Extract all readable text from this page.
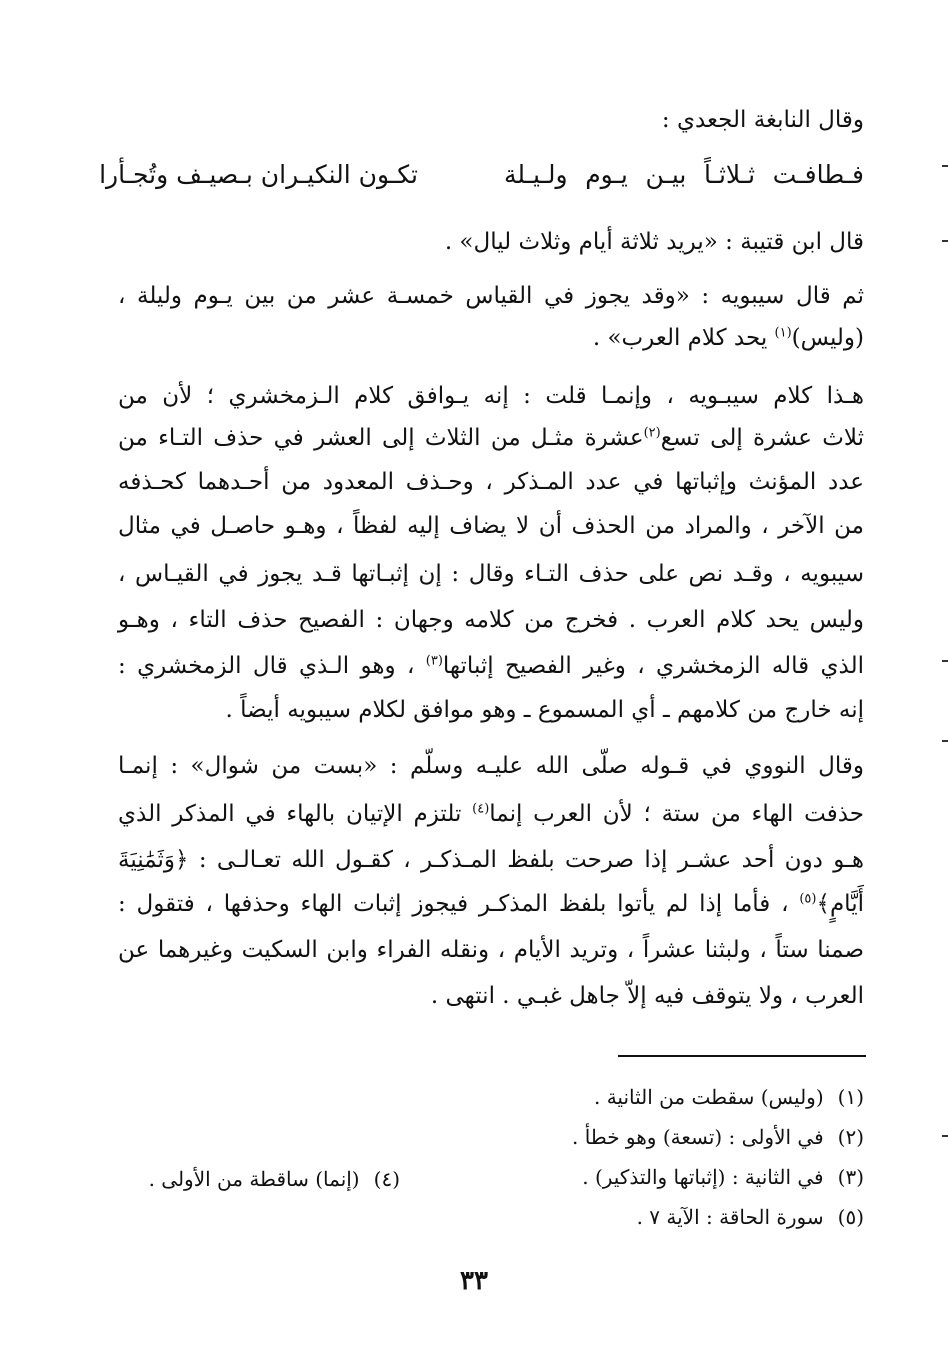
وقال النابغة الجعدي :
فـطافـت ثـلاثـاً بيـن يـوم ولـيـلة
تكـون النكيـران بـصيـف وتُجـأرا
قال ابن قتيبة : «يريد ثلاثة أيام وثلاث ليال» .
ثم قال سيبويه : «وقد يجوز في القياس خمسـة عشر من بين يـوم وليلة ،
(وليس)$^{(١)}$ يحد كلام العرب» .
هـذا كلام سيبـويه ، وإنمـا قلت : إنه يـوافق كلام الـزمخشري ؛ لأن من
ثلاث عشرة إلى تسع$^{(٢)}$عشرة مثـل من الثلاث إلى العشر في حذف التـاء من
عدد المؤنث وإثباتها في عدد المـذكر ، وحـذف المعدود من أحـدهما كحـذفه
من الآخر ، والمراد من الحذف أن لا يضاف إليه لفظاً ، وهـو حاصـل في مثال
سيبويه ، وقـد نص على حذف التـاء وقال : إن إثبـاتها قـد يجوز في القيـاس ،
وليس يحد كلام العرب . فخرج من كلامه وجهان : الفصيح حذف التاء ، وهـو
الذي قاله الزمخشري ، وغير الفصيح إثباتها$^{(٣)}$ ، وهو الـذي قال الزمخشري :
إنه خارج من كلامهم ـ أي المسموع ـ وهو موافق لكلام سيبويه أيضاً .
وقال النووي في قـوله صلّى الله عليـه وسلّم : «بست من شوال» : إنمـا
حذفت الهاء من ستة ؛ لأن العرب إنما$^{(٤)}$ تلتزم الإتيان بالهاء في المذكر الذي
هـو دون أحد عشـر إذا صرحت بلفظ المـذكـر ، كقـول الله تعـالـى : ﴿وَثَمَٰنِيَةَ
أَيَّامٍ﴾$^{(٥)}$ ، فأما إذا لم يأتوا بلفظ المذكـر فيجوز إثبات الهاء وحذفها ، فتقول :
صمنا ستاً ، ولبثنا عشراً ، وتريد الأيام ، ونقله الفراء وابن السكيت وغيرهما عن
العرب ، ولا يتوقف فيه إلاّ جاهل غبـي . انتهى .
(١)(وليس) سقطت من الثانية .
(٢)في الأولى : (تسعة) وهو خطأ .
(٣)في الثانية : (إثباتها والتذكير) .
(٥)سورة الحاقة : الآية ٧ .
(٤)(إنما) ساقطة من الأولى .
٣٣
